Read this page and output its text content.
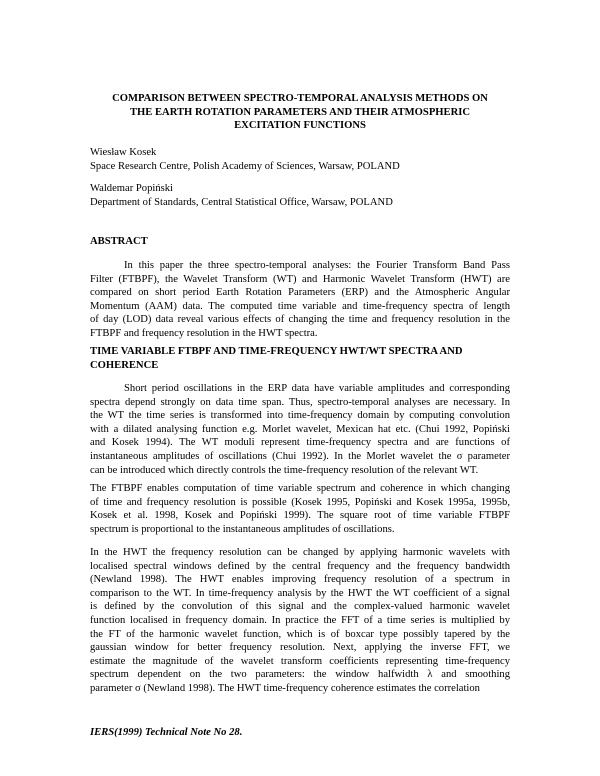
COMPARISON BETWEEN SPECTRO-TEMPORAL ANALYSIS METHODS ON
THE EARTH ROTATION PARAMETERS AND THEIR ATMOSPHERIC
EXCITATION FUNCTIONS
Wiesław Kosek
Space Research Centre, Polish Academy of Sciences, Warsaw, POLAND
Waldemar Popiński
Department of Standards, Central Statistical Office, Warsaw, POLAND
ABSTRACT
In this paper the three spectro-temporal analyses: the Fourier Transform Band Pass
Filter (FTBPF), the Wavelet Transform (WT) and Harmonic Wavelet Transform (HWT) are
compared on short period Earth Rotation Parameters (ERP) and the Atmospheric Angular
Momentum (AAM) data. The computed time variable and time-frequency spectra of length
of day (LOD) data reveal various effects of changing the time and frequency resolution in the
FTBPF and frequency resolution in the HWT spectra.
TIME VARIABLE FTBPF AND TIME-FREQUENCY HWT/WT SPECTRA AND
COHERENCE
Short period oscillations in the ERP data have variable amplitudes and corresponding
spectra depend strongly on data time span. Thus, spectro-temporal analyses are necessary. In
the WT the time series is transformed into time-frequency domain by computing convolution
with a dilated analysing function e.g. Morlet wavelet, Mexican hat etc. (Chui 1992, Popiński
and Kosek 1994). The WT moduli represent time-frequency spectra and are functions of
instantaneous amplitudes of oscillations (Chui 1992). In the Morlet wavelet the σ parameter
can be introduced which directly controls the time-frequency resolution of the relevant WT.
The FTBPF enables computation of time variable spectrum and coherence in which changing
of time and frequency resolution is possible (Kosek 1995, Popiński and Kosek 1995a, 1995b,
Kosek et al. 1998, Kosek and Popiński 1999). The square root of time variable FTBPF
spectrum is proportional to the instantaneous amplitudes of oscillations.
In the HWT the frequency resolution can be changed by applying harmonic wavelets with
localised spectral windows defined by the central frequency and the frequency bandwidth
(Newland 1998). The HWT enables improving frequency resolution of a spectrum in
comparison to the WT. In time-frequency analysis by the HWT the WT coefficient of a signal
is defined by the convolution of this signal and the complex-valued harmonic wavelet
function localised in frequency domain. In practice the FFT of a time series is multiplied by
the FT of the harmonic wavelet function, which is of boxcar type possibly tapered by the
gaussian window for better frequency resolution. Next, applying the inverse FFT, we
estimate the magnitude of the wavelet transform coefficients representing time-frequency
spectrum dependent on the two parameters: the window halfwidth λ and smoothing
parameter σ (Newland 1998). The HWT time-frequency coherence estimates the correlation
IERS(1999) Technical Note No 28.
